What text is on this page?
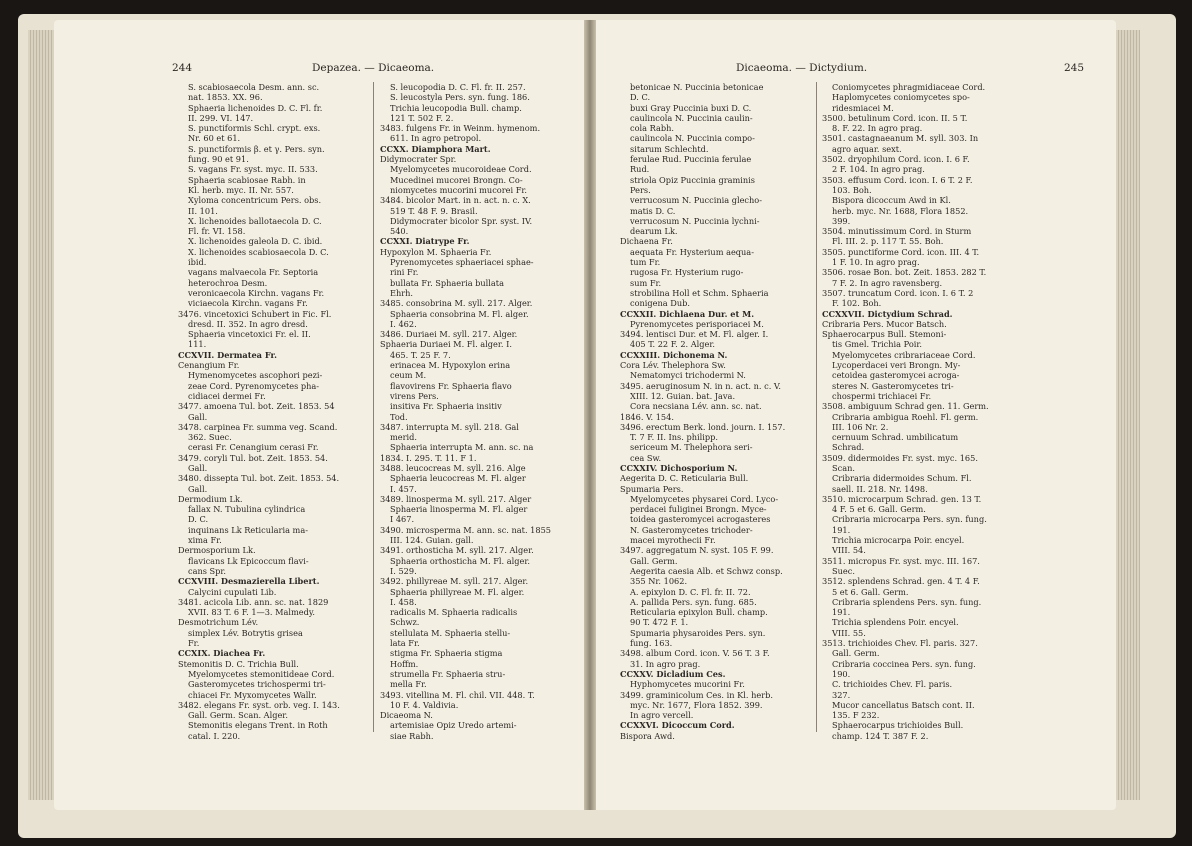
244	Depazea. — Dicaeoma.	Dicaeoma. — Dictydium.	245

S. scabiosaecola Desm. ann. sc.

nat. 1853. XX. 96.

Sphaeria lichenoides D. C. Fl. fr.

II. 299. VI. 147.

S. punctiformis Schl. crypt. exs.

Nr. 60 et 61.

S. punctiformis β. et γ. Pers. syn.

fung. 90 et 91.

S. vagans Fr. syst. myc. II. 533.

Sphaeria scabiosae Rabh. in

Kl. herb. myc. II. Nr. 557.

Xyloma concentricum Pers. obs.

II. 101.

X. lichenoides ballotaecola D. C.

Fl. fr. VI. 158.

X. lichenoides galeola D. C. ibid.

X. lichenoides scabiosaecola D. C.

ibid.

vagans malvaecola Fr. Septoria

heterochroa Desm.

veronicaecola Kirchn. vagans Fr.

viciaecola Kirchn. vagans Fr.

3476. vincetoxici Schubert in Fic. Fl.

dresd. II. 352. In agro dresd.

Sphaeria vincetoxici Fr. el. II.

111.

CCXVII. Dermatea Fr.

Cenangium Fr.

Hymenomycetes ascophori pezi-

zeae Cord. Pyrenomycetes pha-

cidiacei dermei Fr.

3477. amoena Tul. bot. Zeit. 1853. 54

Gall.

3478. carpinea Fr. summa veg. Scand.

362. Suec.

cerasi Fr. Cenangium cerasi Fr.

3479. coryli Tul. bot. Zeit. 1853. 54.

Gall.

3480. dissepta Tul. bot. Zeit. 1853. 54.

Gall.

Dermodium Lk.

fallax N. Tubulina cylindrica

D. C.

inquinans Lk Reticularia ma-

xima Fr.

Dermosporium Lk.

flavicans Lk Epicoccum flavi-

cans Spr.

CCXVIII. Desmazierella Libert.

Calycini cupulati Lib.

3481. acicola Lib. ann. sc. nat. 1829

XVII. 83 T. 6 F. 1—3. Malmedy.

Desmotrichum Lév.

simplex Lév. Botrytis grisea

Fr.

CCXIX. Diachea Fr.

Stemonitis D. C. Trichia Bull.

Myelomycetes stemonitideae Cord.

Gasteromycetes trichospermi tri-

chiacei Fr. Myxomycetes Wallr.

3482. elegans Fr. syst. orb. veg. I. 143.

Gall. Germ. Scan. Alger.

Stemonitis elegans Trent. in Roth

catal. I. 220.

S. leucopodia D. C. Fl. fr. II. 257.

S. leucostyla Pers. syn. fung. 186.

Trichia leucopodia Bull. champ.

121 T. 502 F. 2.

3483. fulgens Fr. in Weinm. hymenom.

611. In agro petropol.

CCXX. Diamphora Mart.

Didymocrater Spr.

Myelomycetes mucoroideae Cord.

Mucedinei mucorei Brongn. Co-

niomycetes mucorini mucorei Fr.

3484. bicolor Mart. in n. act. n. c. X.

519 T. 48 F. 9. Brasil.

Didymocrater bicolor Spr. syst. IV.

540.

CCXXI. Diatrype Fr.

Hypoxylon M. Sphaeria Fr.

Pyrenomycetes sphaeriacei sphae-

rini Fr.

bullata Fr. Sphaeria bullata

Ehrh.

3485. consobrina M. syll. 217. Alger.

Sphaeria consobrina M. Fl. alger.

I. 462.

3486. Duriaei M. syll. 217. Alger.

Sphaeria Duriaei M. Fl. alger. I.

465. T. 25 F. 7.

erinacea M. Hypoxylon erina

ceum M.

flavovirens Fr. Sphaeria flavo

virens Pers.

insitiva Fr. Sphaeria insitiv

Tod.

3487. interrupta M. syll. 218. Gal

merid.

Sphaeria interrupta M. ann. sc. na

1834. I. 295. T. 11. F 1.

3488. leucocreas M. syll. 216. Alge

Sphaeria leucocreas M. Fl. alger

I. 457.

3489. linosperma M. syll. 217. Alger

Sphaeria linosperma M. Fl. alger

I 467.

3490. microsperma M. ann. sc. nat. 1855

III. 124. Guian. gall.

3491. orthosticha M. syll. 217. Alger.

Sphaeria orthosticha M. Fl. alger.

I. 529.

3492. phillyreae M. syll. 217. Alger.

Sphaeria phillyreae M. Fl. alger.

I. 458.

radicalis M. Sphaeria radicalis

Schwz.

stellulata M. Sphaeria stellu-

lata Fr.

stigma Fr. Sphaeria stigma

Hoffm.

strumella Fr. Sphaeria stru-

mella Fr.

3493. vitellina M. Fl. chil. VII. 448. T.

10 F. 4. Valdivia.

Dicaeoma N.

artemisiae Opiz Uredo artemi-

siae Rabh.

betonicae N. Puccinia betonicae

D. C.

buxi Gray Puccinia buxi D. C.

caulincola N. Puccinia caulin-

cola Rabh.

caulincola N. Puccinia compo-

sitarum Schlechtd.

ferulae Rud. Puccinia ferulae

Rud.

striola Opiz Puccinia graminis

Pers.

verrucosum N. Puccinia glecho-

matis D. C.

verrucosum N. Puccinia lychni-

dearum Lk.

Dichaena Fr.

aequata Fr. Hysterium aequa-

tum Fr.

rugosa Fr. Hysterium rugo-

sum Fr.

strobilina Holl et Schm. Sphaeria

conigena Dub.

CCXXII. Dichlaena Dur. et M.

Pyrenomycetes perisporiacei M.

3494. lentisci Dur. et M. Fl. alger. I.

405 T. 22 F. 2. Alger.

CCXXIII. Dichonema N.

Cora Lév. Thelephora Sw.

Nematomyci trichodermi N.

3495. aeruginosum N. in n. act. n. c. V.

XIII. 12. Guian. bat. Java.

Cora necsiana Lév. ann. sc. nat.

1846. V. 154.

3496. erectum Berk. lond. journ. I. 157.

T. 7 F. II. Ins. philipp.

sericeum M. Thelephora seri-

cea Sw.

CCXXIV. Dichosporium N.

Aegerita D. C. Reticularia Bull.

Spumaria Pers.

Myelomycetes physarei Cord. Lyco-

perdacei fuliginei Brongn. Myce-

toidea gasteromycei acrogasteres

N. Gasteromycetes trichoder-

macei myrothecii Fr.

3497. aggregatum N. syst. 105 F. 99.

Gall. Germ.

Aegerita caesia Alb. et Schwz consp.

355 Nr. 1062.

A. epixylon D. C. Fl. fr. II. 72.

A. pallida Pers. syn. fung. 685.

Reticularia epixylon Bull. champ.

90 T. 472 F. 1.

Spumaria physaroides Pers. syn.

fung. 163.

3498. album Cord. icon. V. 56 T. 3 F.

31. In agro prag.

CCXXV. Dicladium Ces.

Hyphomycetes mucorini Fr.

3499. graminicolum Ces. in Kl. herb.

myc. Nr. 1677, Flora 1852. 399.

In agro vercell.

CCXXVI. Dicoccum Cord.

Bispora Awd.

Coniomycetes phragmidiaceae Cord.

Haplomycetes coniomycetes spo-

ridesmiacei M.

3500. betulinum Cord. icon. II. 5 T.

8. F. 22. In agro prag.

3501. castagnaeanum M. syll. 303. In

agro aquar. sext.

3502. dryophilum Cord. icon. I. 6 F.

2 F. 104. In agro prag.

3503. effusum Cord. icon. I. 6 T. 2 F.

103. Boh.

Bispora dicoccum Awd in Kl.

herb. myc. Nr. 1688, Flora 1852.

399.

3504. minutissimum Cord. in Sturm

Fl. III. 2. p. 117 T. 55. Boh.

3505. punctiforme Cord. icon. III. 4 T.

1 F. 10. In agro prag.

3506. rosae Bon. bot. Zeit. 1853. 282 T.

7 F. 2. In agro ravensberg.

3507. truncatum Cord. icon. I. 6 T. 2

F. 102. Boh.

CCXXVII. Dictydium Schrad.

Cribraria Pers. Mucor Batsch.

Sphaerocarpus Bull. Stemoni-

tis Gmel. Trichia Poir.

Myelomycetes cribrariaceae Cord.

Lycoperdacei veri Brongn. My-

cetoidea gasteromycei acroga-

steres N. Gasteromycetes tri-

chospermi trichiacei Fr.

3508. ambiguum Schrad gen. 11. Germ.

Cribraria ambigua Roehl. Fl. germ.

III. 106 Nr. 2.

cernuum Schrad. umbilicatum

Schrad.

3509. didermoides Fr. syst. myc. 165.

Scan.

Cribraria didermoides Schum. Fl.

saell. II. 218. Nr. 1498.

3510. microcarpum Schrad. gen. 13 T.

4 F. 5 et 6. Gall. Germ.

Cribraria microcarpa Pers. syn. fung.

191.

Trichia microcarpa Poir. encyel.

VIII. 54.

3511. micropus Fr. syst. myc. III. 167.

Suec.

3512. splendens Schrad. gen. 4 T. 4 F.

5 et 6. Gall. Germ.

Cribraria splendens Pers. syn. fung.

191.

Trichia splendens Poir. encyel.

VIII. 55.

3513. trichioides Chev. Fl. paris. 327.

Gall. Germ.

Cribraria coccinea Pers. syn. fung.

190.

C. trichioides Chev. Fl. paris.

327.

Mucor cancellatus Batsch cont. II.

135. F 232.

Sphaerocarpus trichioides Bull.

champ. 124 T. 387 F. 2.
